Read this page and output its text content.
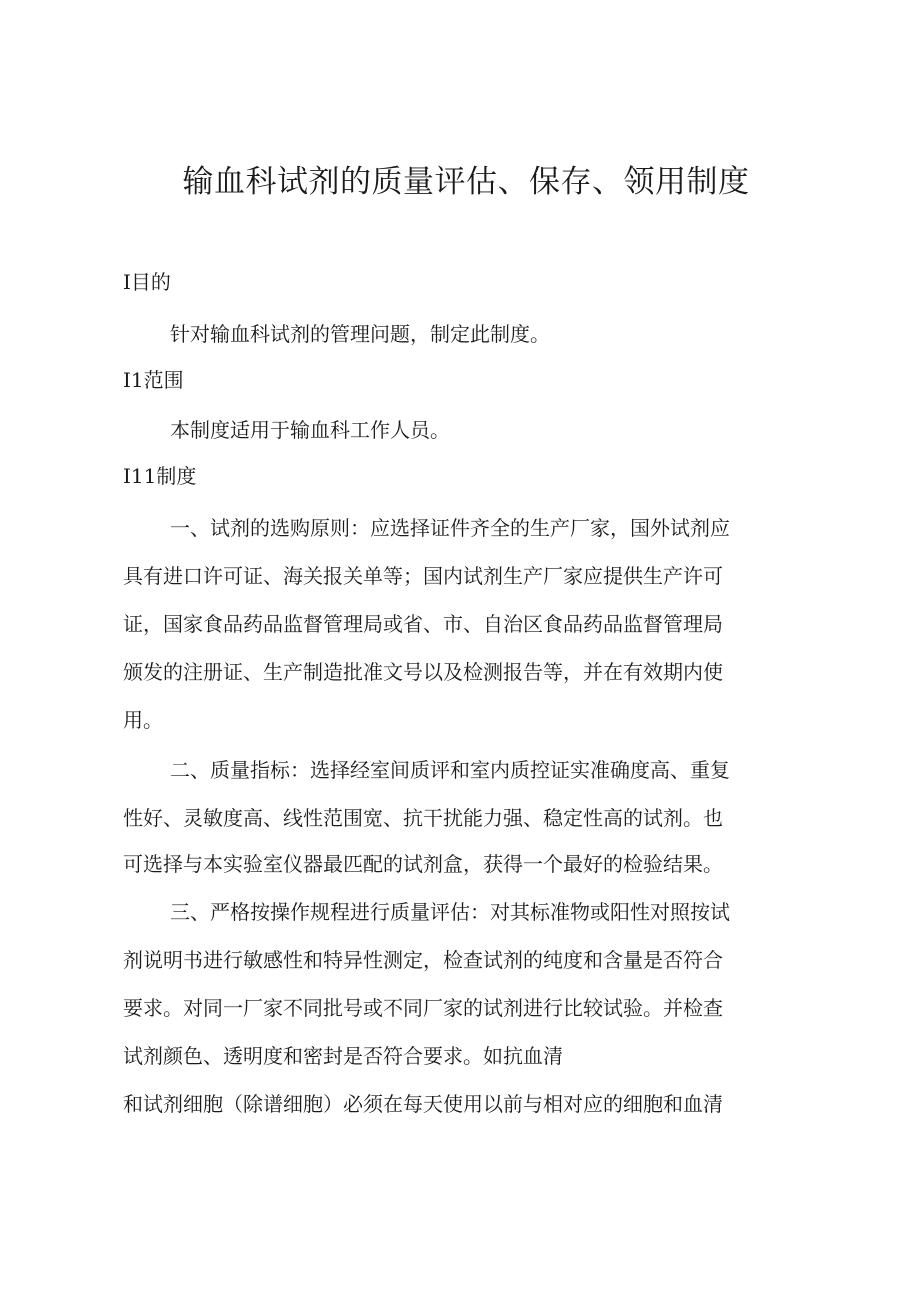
输血科试剂的质量评估、保存、领用制度
I目的
针对输血科试剂的管理问题，制定此制度。
I1范围
本制度适用于输血科工作人员。
I11制度
一、试剂的选购原则：应选择证件齐全的生产厂家，国外试剂应
具有进口许可证、海关报关单等；国内试剂生产厂家应提供生产许可
证，国家食品药品监督管理局或省、市、自治区食品药品监督管理局
颁发的注册证、生产制造批准文号以及检测报告等，并在有效期内使
用。
二、质量指标：选择经室间质评和室内质控证实准确度高、重复
性好、灵敏度高、线性范围宽、抗干扰能力强、稳定性高的试剂。也
可选择与本实验室仪器最匹配的试剂盒，获得一个最好的检验结果。
三、严格按操作规程进行质量评估：对其标准物或阳性对照按试
剂说明书进行敏感性和特异性测定，检查试剂的纯度和含量是否符合
要求。对同一厂家不同批号或不同厂家的试剂进行比较试验。并检查
试剂颜色、透明度和密封是否符合要求。如抗血清
和试剂细胞（除谱细胞）必须在每天使用以前与相对应的细胞和血清
